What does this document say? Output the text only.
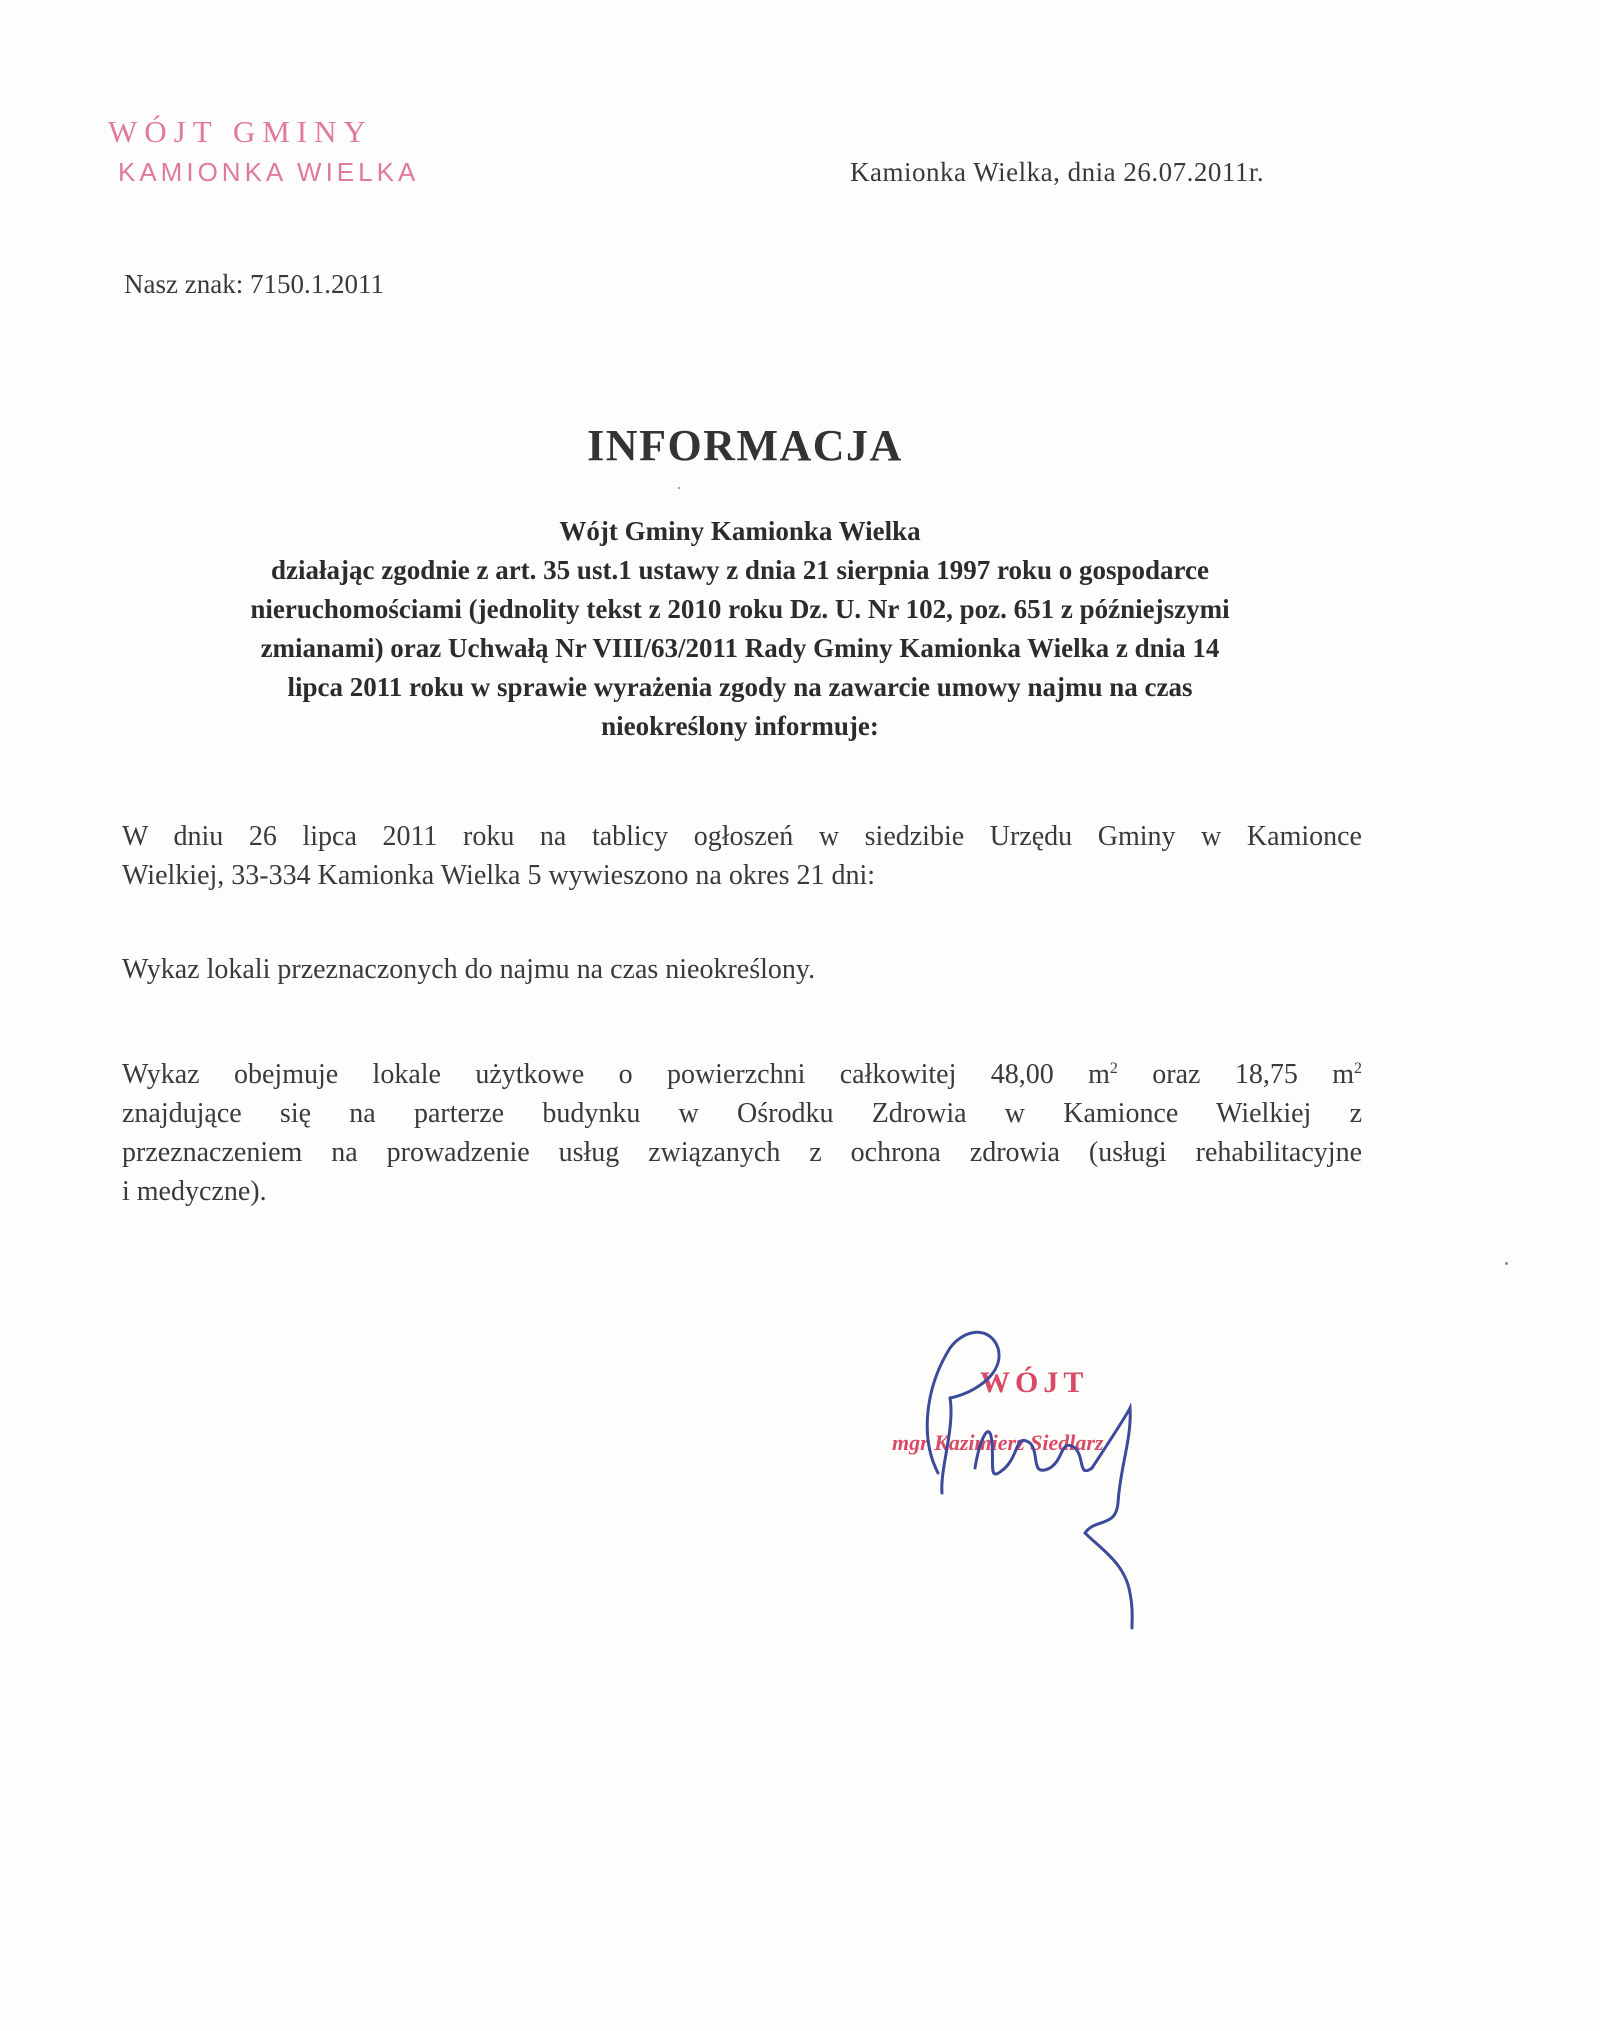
WÓJT GMINY
KAMIONKA WIELKA	Kamionka Wielka, dnia 26.07.2011r.
Nasz znak: 7150.1.2011
INFORMACJA
Wójt Gminy Kamionka Wielka
działając zgodnie z art. 35 ust.1 ustawy z dnia 21 sierpnia 1997 roku o gospodarce
nieruchomościami (jednolity tekst z 2010 roku Dz. U. Nr 102, poz. 651 z późniejszymi
zmianami) oraz Uchwałą Nr VIII/63/2011 Rady Gminy Kamionka Wielka z dnia 14
lipca 2011 roku w sprawie wyrażenia zgody na zawarcie umowy najmu na czas
nieokreślony informuje:
W dniu 26 lipca 2011 roku na tablicy ogłoszeń w siedzibie Urzędu Gminy w Kamionce
Wielkiej, 33-334 Kamionka Wielka 5 wywieszono na okres 21 dni:
Wykaz lokali przeznaczonych do najmu na czas nieokreślony.
Wykaz obejmuje lokale użytkowe o powierzchni całkowitej 48,00 $m^2$ oraz 18,75 $m^2$
znajdujące się na parterze budynku w Ośrodku Zdrowia w Kamionce Wielkiej z
przeznaczeniem na prowadzenie usług związanych z ochrona zdrowia (usługi rehabilitacyjne
i medyczne).
WÓJT
mgr Kazimierz Siedlarz
